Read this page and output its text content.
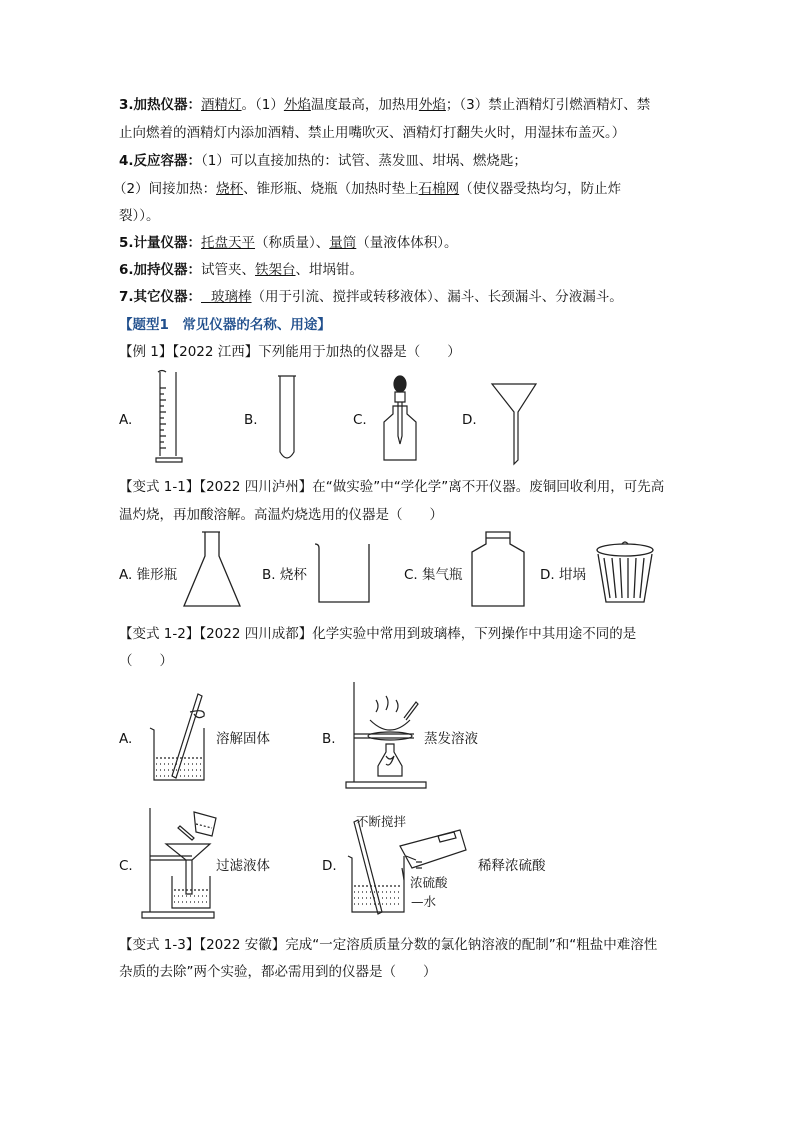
3.加热仪器：酒精灯。（1）外焰温度最高，加热用外焰；（3）禁止酒精灯引燃酒精灯、禁
止向燃着的酒精灯内添加酒精、禁止用嘴吹灭、酒精灯打翻失火时，用湿抹布盖灭。）
4.反应容器：（1）可以直接加热的：试管、蒸发皿、坩埚、燃烧匙；
（2）间接加热：烧杯、锥形瓶、烧瓶（加热时垫上石棉网（使仪器受热均匀，防止炸
裂））。
5.计量仪器：托盘天平（称质量）、量筒（量液体体积）。
6.加持仪器：试管夹、铁架台、坩埚钳。
7.其它仪器： 玻璃棒（用于引流、搅拌或转移液体）、漏斗、长颈漏斗、分液漏斗。
【题型1　常见仪器的名称、用途】
【例 1】【2022 江西】下列能用于加热的仪器是（　　）
A.	B.	C.	D.
【变式 1-1】【2022 四川泸州】在“做实验”中“学化学”离不开仪器。废铜回收利用，可先高
温灼烧，再加酸溶解。高温灼烧选用的仪器是（　　）
A. 锥形瓶	B. 烧杯	C. 集气瓶	D. 坩埚
【变式 1-2】【2022 四川成都】化学实验中常用到玻璃棒，下列操作中其用途不同的是
（　　）
A.	溶解固体	B.	蒸发溶液
C.	过滤液体	D.
不断搅拌
浓硫酸
—水
稀释浓硫酸
【变式 1-3】【2022 安徽】完成“一定溶质质量分数的氯化钠溶液的配制”和“粗盐中难溶性
杂质的去除”两个实验，都必需用到的仪器是（　　）
